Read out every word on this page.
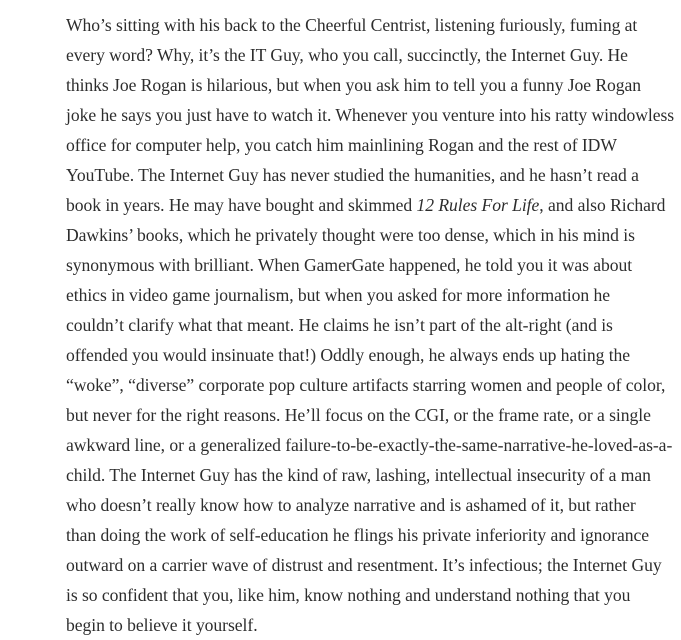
Who’s sitting with his back to the Cheerful Centrist, listening furiously, fuming at
every word? Why, it’s the IT Guy, who you call, succinctly, the Internet Guy. He
thinks Joe Rogan is hilarious, but when you ask him to tell you a funny Joe Rogan
joke he says you just have to watch it. Whenever you venture into his ratty windowless
office for computer help, you catch him mainlining Rogan and the rest of IDW
YouTube. The Internet Guy has never studied the humanities, and he hasn’t read a
book in years. He may have bought and skimmed 12 Rules For Life, and also Richard
Dawkins’ books, which he privately thought were too dense, which in his mind is
synonymous with brilliant. When GamerGate happened, he told you it was about
ethics in video game journalism, but when you asked for more information he
couldn’t clarify what that meant. He claims he isn’t part of the alt-right (and is
offended you would insinuate that!) Oddly enough, he always ends up hating the
“woke”, “diverse” corporate pop culture artifacts starring women and people of color,
but never for the right reasons. He’ll focus on the CGI, or the frame rate, or a single
awkward line, or a generalized failure-to-be-exactly-the-same-narrative-he-loved-as-a-
child. The Internet Guy has the kind of raw, lashing, intellectual insecurity of a man
who doesn’t really know how to analyze narrative and is ashamed of it, but rather
than doing the work of self-education he flings his private inferiority and ignorance
outward on a carrier wave of distrust and resentment. It’s infectious; the Internet Guy
is so confident that you, like him, know nothing and understand nothing that you
begin to believe it yourself.
